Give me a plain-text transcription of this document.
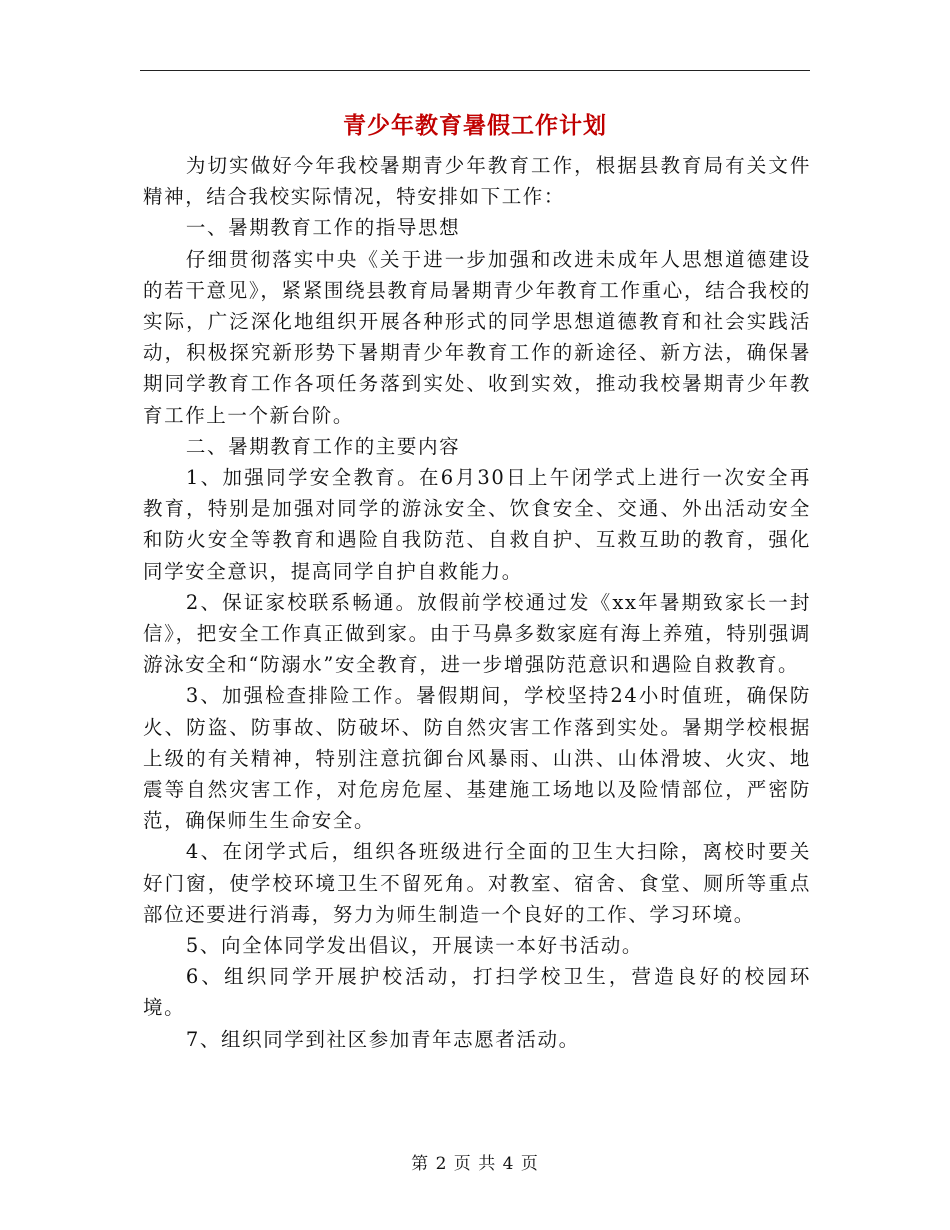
青少年教育暑假工作计划

为切实做好今年我校暑期青少年教育工作，根据县教育局有关文件精神，结合我校实际情况，特安排如下工作：

一、暑期教育工作的指导思想

仔细贯彻落实中央《关于进一步加强和改进未成年人思想道德建设的若干意见》，紧紧围绕县教育局暑期青少年教育工作重心，结合我校的实际，广泛深化地组织开展各种形式的同学思想道德教育和社会实践活动，积极探究新形势下暑期青少年教育工作的新途径、新方法，确保暑期同学教育工作各项任务落到实处、收到实效，推动我校暑期青少年教育工作上一个新台阶。

二、暑期教育工作的主要内容

1、加强同学安全教育。在6月30日上午闭学式上进行一次安全再教育，特别是加强对同学的游泳安全、饮食安全、交通、外出活动安全和防火安全等教育和遇险自我防范、自救自护、互救互助的教育，强化同学安全意识，提高同学自护自救能力。

2、保证家校联系畅通。放假前学校通过发《xx年暑期致家长一封信》，把安全工作真正做到家。由于马鼻多数家庭有海上养殖，特别强调游泳安全和“防溺水”安全教育，进一步增强防范意识和遇险自救教育。

3、加强检查排险工作。暑假期间，学校坚持24小时值班，确保防火、防盗、防事故、防破坏、防自然灾害工作落到实处。暑期学校根据上级的有关精神，特别注意抗御台风暴雨、山洪、山体滑坡、火灾、地震等自然灾害工作，对危房危屋、基建施工场地以及险情部位，严密防范，确保师生生命安全。

4、在闭学式后，组织各班级进行全面的卫生大扫除，离校时要关好门窗，使学校环境卫生不留死角。对教室、宿舍、食堂、厕所等重点部位还要进行消毒，努力为师生制造一个良好的工作、学习环境。

5、向全体同学发出倡议，开展读一本好书活动。

6、组织同学开展护校活动，打扫学校卫生，营造良好的校园环境。

7、组织同学到社区参加青年志愿者活动。

第 2 页 共 4 页
